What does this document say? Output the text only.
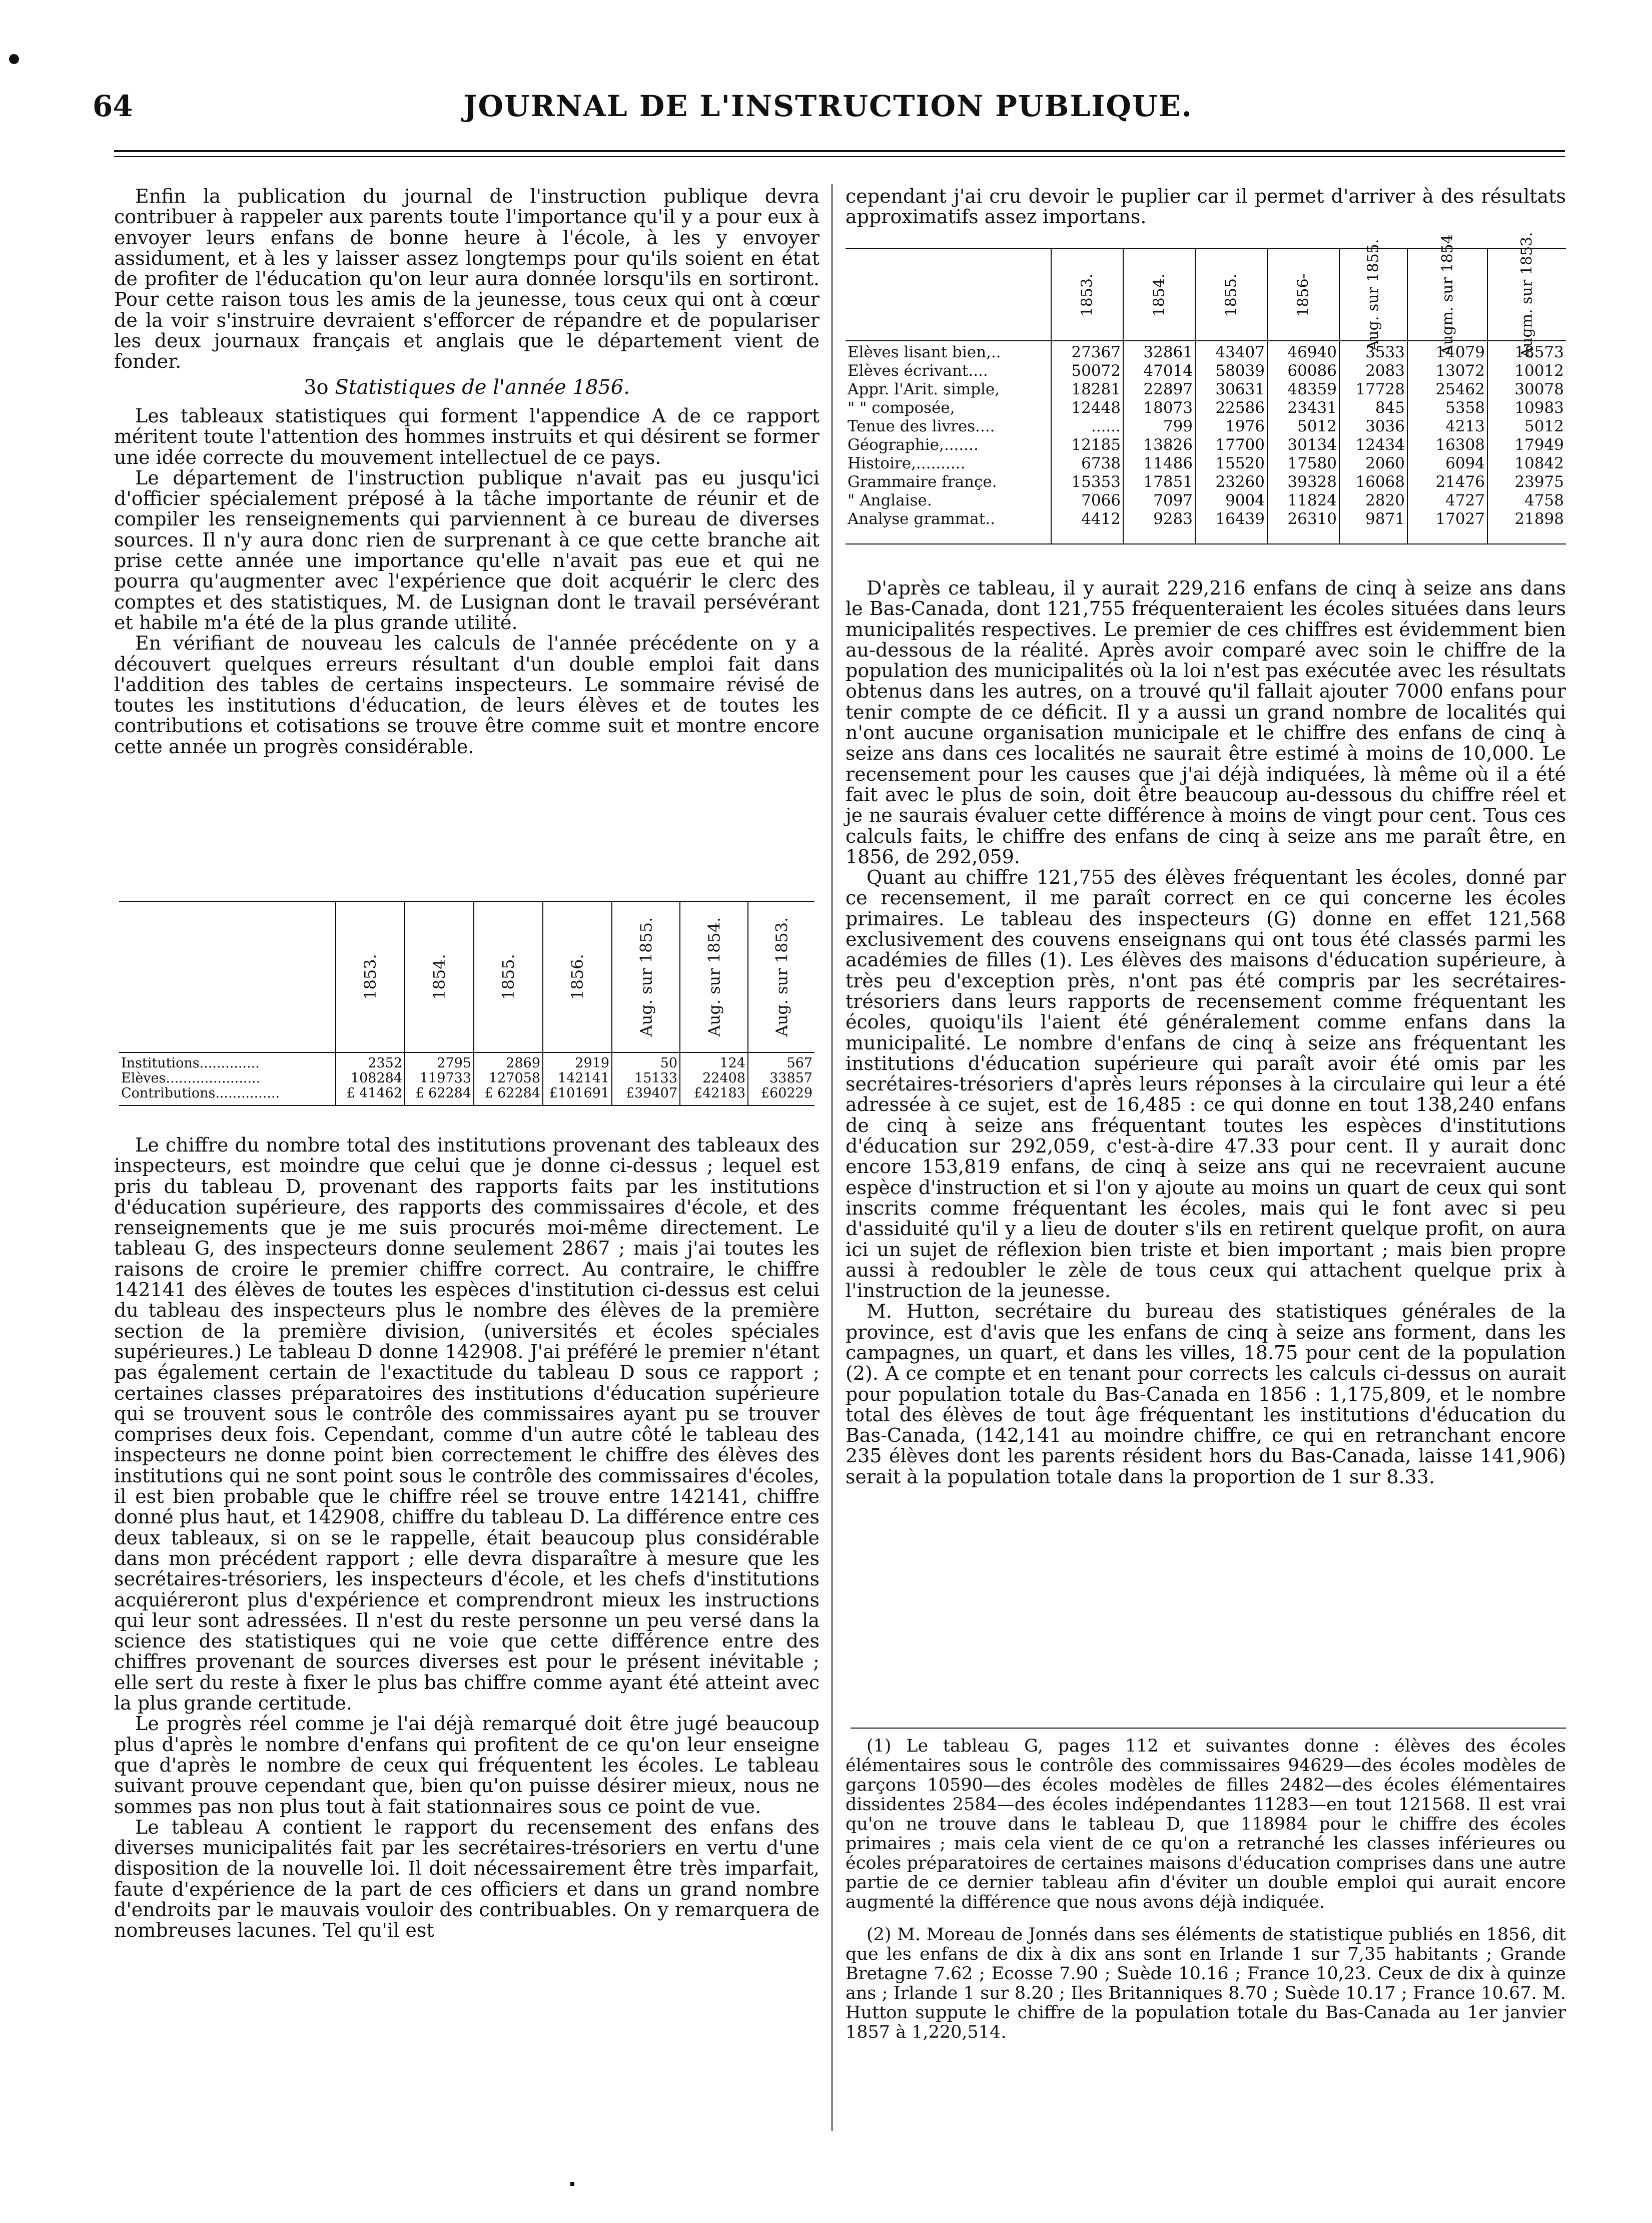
64	JOURNAL DE L'INSTRUCTION PUBLIQUE.

Enfin la publication du journal de l'instruction publique devra contribuer à rappeler aux parents toute l'importance qu'il y a pour eux à envoyer leurs enfans de bonne heure à l'école, à les y envoyer assidument, et à les y laisser assez longtemps pour qu'ils soient en état de profiter de l'éducation qu'on leur aura donnée lorsqu'ils en sortiront. Pour cette raison tous les amis de la jeunesse, tous ceux qui ont à cœur de la voir s'instruire devraient s'efforcer de répandre et de populariser les deux journaux français et anglais que le département vient de fonder.

3o Statistiques de l'année 1856.

Les tableaux statistiques qui forment l'appendice A de ce rapport méritent toute l'attention des hommes instruits et qui désirent se former une idée correcte du mouvement intellectuel de ce pays.

Le département de l'instruction publique n'avait pas eu jusqu'ici d'officier spécialement préposé à la tâche importante de réunir et de compiler les renseignements qui parviennent à ce bureau de diverses sources. Il n'y aura donc rien de surprenant à ce que cette branche ait prise cette année une importance qu'elle n'avait pas eue et qui ne pourra qu'augmenter avec l'expérience que doit acquérir le clerc des comptes et des statistiques, M. de Lusignan dont le travail persévérant et habile m'a été de la plus grande utilité.

En vérifiant de nouveau les calculs de l'année précédente on y a découvert quelques erreurs résultant d'un double emploi fait dans l'addition des tables de certains inspecteurs. Le sommaire révisé de toutes les institutions d'éducation, de leurs élèves et de toutes les contributions et cotisations se trouve être comme suit et montre encore cette année un progrès considérable.

1853.	1854.	1855.	1856.	Aug. sur 1855.	Aug. sur 1854.	Aug. sur 1853.
Institutions..............	2352	2795	2869	2919	50	124	567
Elèves......................	108284	119733	127058	142141	15133	22408	33857
Contributions...............	£ 41462 £ 62284 £ 62284 £101691	£39407	£42183	£60229

Le chiffre du nombre total des institutions provenant des tableaux des inspecteurs, est moindre que celui que je donne ci-dessus ; lequel est pris du tableau D, provenant des rapports faits par les institutions d'éducation supérieure, des rapports des commissaires d'école, et des renseignements que je me suis procurés moi-même directement. Le tableau G, des inspecteurs donne seulement 2867 ; mais j'ai toutes les raisons de croire le premier chiffre correct. Au contraire, le chiffre 142141 des élèves de toutes les espèces d'institution ci-dessus est celui du tableau des inspecteurs plus le nombre des élèves de la première section de la première division, (universités et écoles spéciales supérieures.) Le tableau D donne 142908. J'ai préféré le premier n'étant pas également certain de l'exactitude du tableau D sous ce rapport ; certaines classes préparatoires des institutions d'éducation supérieure qui se trouvent sous le contrôle des commissaires ayant pu se trouver comprises deux fois. Cependant, comme d'un autre côté le tableau des inspecteurs ne donne point bien correctement le chiffre des élèves des institutions qui ne sont point sous le contrôle des commissaires d'écoles, il est bien probable que le chiffre réel se trouve entre 142141, chiffre donné plus haut, et 142908, chiffre du tableau D. La différence entre ces deux tableaux, si on se le rappelle, était beaucoup plus considérable dans mon précédent rapport ; elle devra disparaître à mesure que les secrétaires-trésoriers, les inspecteurs d'école, et les chefs d'institutions acquiéreront plus d'expérience et comprendront mieux les instructions qui leur sont adressées. Il n'est du reste personne un peu versé dans la science des statistiques qui ne voie que cette différence entre des chiffres provenant de sources diverses est pour le présent inévitable ; elle sert du reste à fixer le plus bas chiffre comme ayant été atteint avec la plus grande certitude.

Le progrès réel comme je l'ai déjà remarqué doit être jugé beaucoup plus d'après le nombre d'enfans qui profitent de ce qu'on leur enseigne que d'après le nombre de ceux qui fréquentent les écoles. Le tableau suivant prouve cependant que, bien qu'on puisse désirer mieux, nous ne sommes pas non plus tout à fait stationnaires sous ce point de vue.

Le tableau A contient le rapport du recensement des enfans des diverses municipalités fait par les secrétaires-trésoriers en vertu d'une disposition de la nouvelle loi. Il doit nécessairement être très imparfait, faute d'expérience de la part de ces officiers et dans un grand nombre d'endroits par le mauvais vouloir des contribuables. On y remarquera de nombreuses lacunes. Tel qu'il est

cependant j'ai cru devoir le puplier car il permet d'arriver à des résultats approximatifs assez importans.

1853.	1854.	1855.	1856-	Aug. sur 1855.	Augm. sur 1854	Augm. sur 1853.
Elèves lisant bien,..	27367	32861	43407	46940	3533	14079	18573
Elèves écrivant....	50072	47014	58039	60086	2083	13072	10012
Appr. l'Arit. simple,	18281	22897	30631	48359	17728	25462	30078
" " composée,	12448	18073	22586	23431	845	5358	10983
Tenue des livres....	......	799	1976	5012	3036	4213	5012
Géographie,.......	12185	13826	17700	30134	12434	16308	17949
Histoire,..........	6738	11486	15520	17580	2060	6094	10842
Grammaire françe.	15353	17851	23260	39328	16068	21476	23975
" Anglaise.	7066	7097	9004	11824	2820	4727	4758
Analyse grammat..	4412	9283	16439	26310	9871	17027	21898

D'après ce tableau, il y aurait 229,216 enfans de cinq à seize ans dans le Bas-Canada, dont 121,755 fréquenteraient les écoles situées dans leurs municipalités respectives. Le premier de ces chiffres est évidemment bien au-dessous de la réalité. Après avoir comparé avec soin le chiffre de la population des municipalités où la loi n'est pas exécutée avec les résultats obtenus dans les autres, on a trouvé qu'il fallait ajouter 7000 enfans pour tenir compte de ce déficit. Il y a aussi un grand nombre de localités qui n'ont aucune organisation municipale et le chiffre des enfans de cinq à seize ans dans ces localités ne saurait être estimé à moins de 10,000. Le recensement pour les causes que j'ai déjà indiquées, là même où il a été fait avec le plus de soin, doit être beaucoup au-dessous du chiffre réel et je ne saurais évaluer cette différence à moins de vingt pour cent. Tous ces calculs faits, le chiffre des enfans de cinq à seize ans me paraît être, en 1856, de 292,059.

Quant au chiffre 121,755 des élèves fréquentant les écoles, donné par ce recensement, il me paraît correct en ce qui concerne les écoles primaires. Le tableau des inspecteurs (G) donne en effet 121,568 exclusivement des couvens enseignans qui ont tous été classés parmi les académies de filles (1). Les élèves des maisons d'éducation supérieure, à très peu d'exception près, n'ont pas été compris par les secrétaires-trésoriers dans leurs rapports de recensement comme fréquentant les écoles, quoiqu'ils l'aient été généralement comme enfans dans la municipalité. Le nombre d'enfans de cinq à seize ans fréquentant les institutions d'éducation supérieure qui paraît avoir été omis par les secrétaires-trésoriers d'après leurs réponses à la circulaire qui leur a été adressée à ce sujet, est de 16,485 : ce qui donne en tout 138,240 enfans de cinq à seize ans fréquentant toutes les espèces d'institutions d'éducation sur 292,059, c'est-à-dire 47.33 pour cent. Il y aurait donc encore 153,819 enfans, de cinq à seize ans qui ne recevraient aucune espèce d'instruction et si l'on y ajoute au moins un quart de ceux qui sont inscrits comme fréquentant les écoles, mais qui le font avec si peu d'assiduité qu'il y a lieu de douter s'ils en retirent quelque profit, on aura ici un sujet de réflexion bien triste et bien important ; mais bien propre aussi à redoubler le zèle de tous ceux qui attachent quelque prix à l'instruction de la jeunesse.

M. Hutton, secrétaire du bureau des statistiques générales de la province, est d'avis que les enfans de cinq à seize ans forment, dans les campagnes, un quart, et dans les villes, 18.75 pour cent de la population (2). A ce compte et en tenant pour corrects les calculs ci-dessus on aurait pour population totale du Bas-Canada en 1856 : 1,175,809, et le nombre total des élèves de tout âge fréquentant les institutions d'éducation du Bas-Canada, (142,141 au moindre chiffre, ce qui en retranchant encore 235 élèves dont les parents résident hors du Bas-Canada, laisse 141,906) serait à la population totale dans la proportion de 1 sur 8.33.

(1) Le tableau G, pages 112 et suivantes donne : élèves des écoles élémentaires sous le contrôle des commissaires 94629—des écoles modèles de garçons 10590—des écoles modèles de filles 2482—des écoles élémentaires dissidentes 2584—des écoles indépendantes 11283—en tout 121568. Il est vrai qu'on ne trouve dans le tableau D, que 118984 pour le chiffre des écoles primaires ; mais cela vient de ce qu'on a retranché les classes inférieures ou écoles préparatoires de certaines maisons d'éducation comprises dans une autre partie de ce dernier tableau afin d'éviter un double emploi qui aurait encore augmenté la différence que nous avons déjà indiquée.

(2) M. Moreau de Jonnés dans ses éléments de statistique publiés en 1856, dit que les enfans de dix à dix ans sont en Irlande 1 sur 7,35 habitants ; Grande Bretagne 7.62 ; Ecosse 7.90 ; Suède 10.16 ; France 10,23. Ceux de dix à quinze ans ; Irlande 1 sur 8.20 ; Iles Britanniques 8.70 ; Suède 10.17 ; France 10.67. M. Hutton suppute le chiffre de la population totale du Bas-Canada au 1er janvier 1857 à 1,220,514.
